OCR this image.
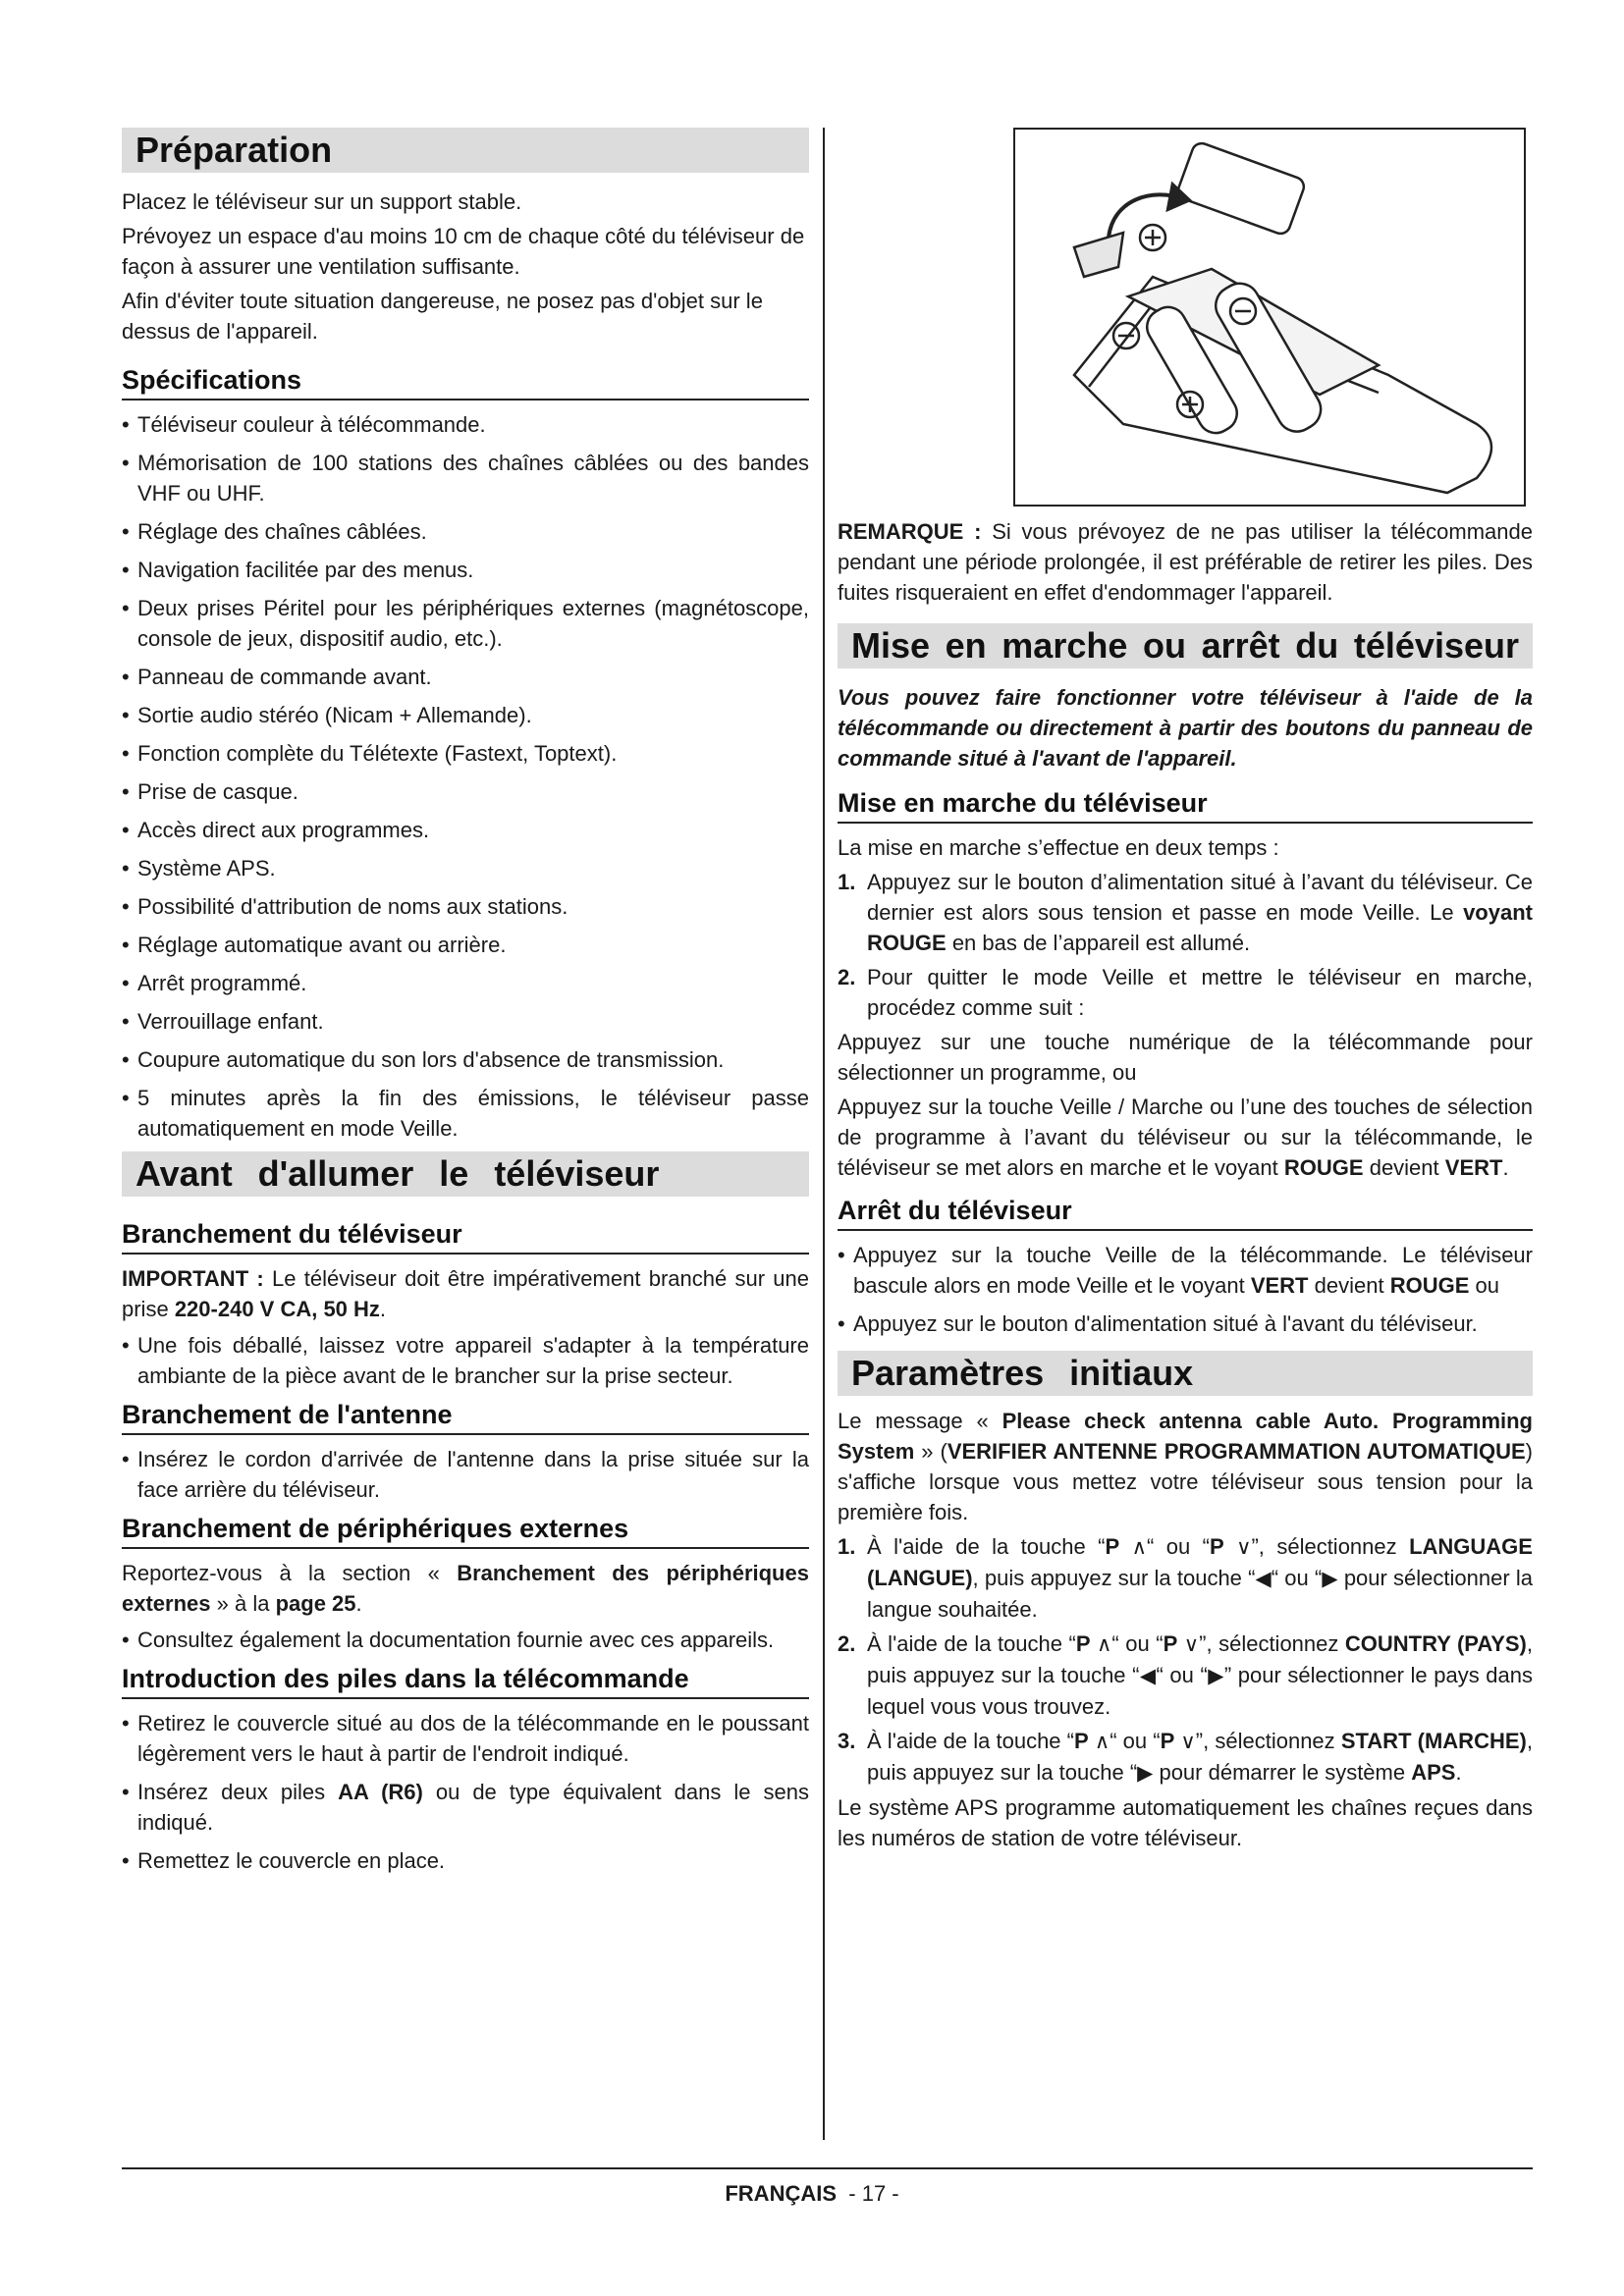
Préparation

Placez le téléviseur sur un support stable.

Prévoyez un espace d'au moins 10 cm de chaque côté du téléviseur de façon à assurer une ventilation suffisante.

Afin d'éviter toute situation dangereuse, ne posez pas d'objet sur le dessus de l'appareil.

Spécifications
• Téléviseur couleur à télécommande.
• Mémorisation de 100 stations des chaînes câblées ou des bandes VHF ou UHF.
• Réglage des chaînes câblées.
• Navigation facilitée par des menus.
• Deux prises Péritel pour les périphériques externes (magnétoscope, console de jeux, dispositif audio, etc.).
• Panneau de commande avant.
• Sortie audio stéréo (Nicam + Allemande).
• Fonction complète du Télétexte (Fastext, Toptext).
• Prise de casque.
• Accès direct aux programmes.
• Système APS.
• Possibilité d'attribution de noms aux stations.
• Réglage automatique avant ou arrière.
• Arrêt programmé.
• Verrouillage enfant.
• Coupure automatique du son lors d'absence de transmission.
• 5 minutes après la fin des émissions, le téléviseur passe automatiquement en mode Veille.
Avant d'allumer le téléviseur
Branchement du téléviseur

IMPORTANT : Le téléviseur doit être impérativement branché sur une prise 220-240 V CA, 50 Hz.

• Une fois déballé, laissez votre appareil s'adapter à la température ambiante de la pièce avant de le brancher sur la prise secteur.
Branchement de l'antenne
• Insérez le cordon d'arrivée de l'antenne dans la prise située sur la face arrière du téléviseur.
Branchement de périphériques externes

Reportez-vous à la section « Branchement des périphériques externes » à la page 25.

• Consultez également la documentation fournie avec ces appareils.
Introduction des piles dans la télécommande
• Retirez le couvercle situé au dos de la télécommande en le poussant légèrement vers le haut à partir de l'endroit indiqué.
• Insérez deux piles AA (R6) ou de type équivalent dans le sens indiqué.
• Remettez le couvercle en place.

REMARQUE : Si vous prévoyez de ne pas utiliser la télécommande pendant une période prolongée, il est préférable de retirer les piles. Des fuites risqueraient en effet d'endommager l'appareil.

Mise en marche ou arrêt du téléviseur

Vous pouvez faire fonctionner votre téléviseur à l'aide de la télécommande ou directement à partir des boutons du panneau de commande situé à l'avant de l'appareil.

Mise en marche du téléviseur

La mise en marche s’effectue en deux temps :

1. Appuyez sur le bouton d’alimentation situé à l’avant du téléviseur. Ce dernier est alors sous tension et passe en mode Veille. Le voyant ROUGE en bas de l’appareil est allumé.
2. Pour quitter le mode Veille et mettre le téléviseur en marche, procédez comme suit :

Appuyez sur une touche numérique de la télécommande pour sélectionner un programme, ou

Appuyez sur la touche Veille / Marche ou l’une des touches de sélection de programme à l’avant du téléviseur ou sur la télécommande, le téléviseur se met alors en marche et le voyant ROUGE devient VERT.

Arrêt du téléviseur
• Appuyez sur la touche Veille de la télécommande. Le téléviseur bascule alors en mode Veille et le voyant VERT devient ROUGE ou
• Appuyez sur le bouton d'alimentation situé à l'avant du téléviseur.
Paramètres initiaux

Le message « Please check antenna cable Auto. Programming System » (VERIFIER ANTENNE PROGRAMMATION AUTOMATIQUE) s'affiche lorsque vous mettez votre téléviseur sous tension pour la première fois.

1. À l'aide de la touche “P ∧“ ou “P ∨”, sélectionnez LANGUAGE (LANGUE), puis appuyez sur la touche “◀“ ou “▶ pour sélectionner la langue souhaitée.
2. À l'aide de la touche “P ∧“ ou “P ∨”, sélectionnez COUNTRY (PAYS), puis appuyez sur la touche “◀“ ou “▶” pour sélectionner le pays dans lequel vous vous trouvez.
3. À l'aide de la touche “P ∧“ ou “P ∨”, sélectionnez START (MARCHE), puis appuyez sur la touche “▶ pour démarrer le système APS.

Le système APS programme automatiquement les chaînes reçues dans les numéros de station de votre téléviseur.

FRANÇAIS - 17 -
